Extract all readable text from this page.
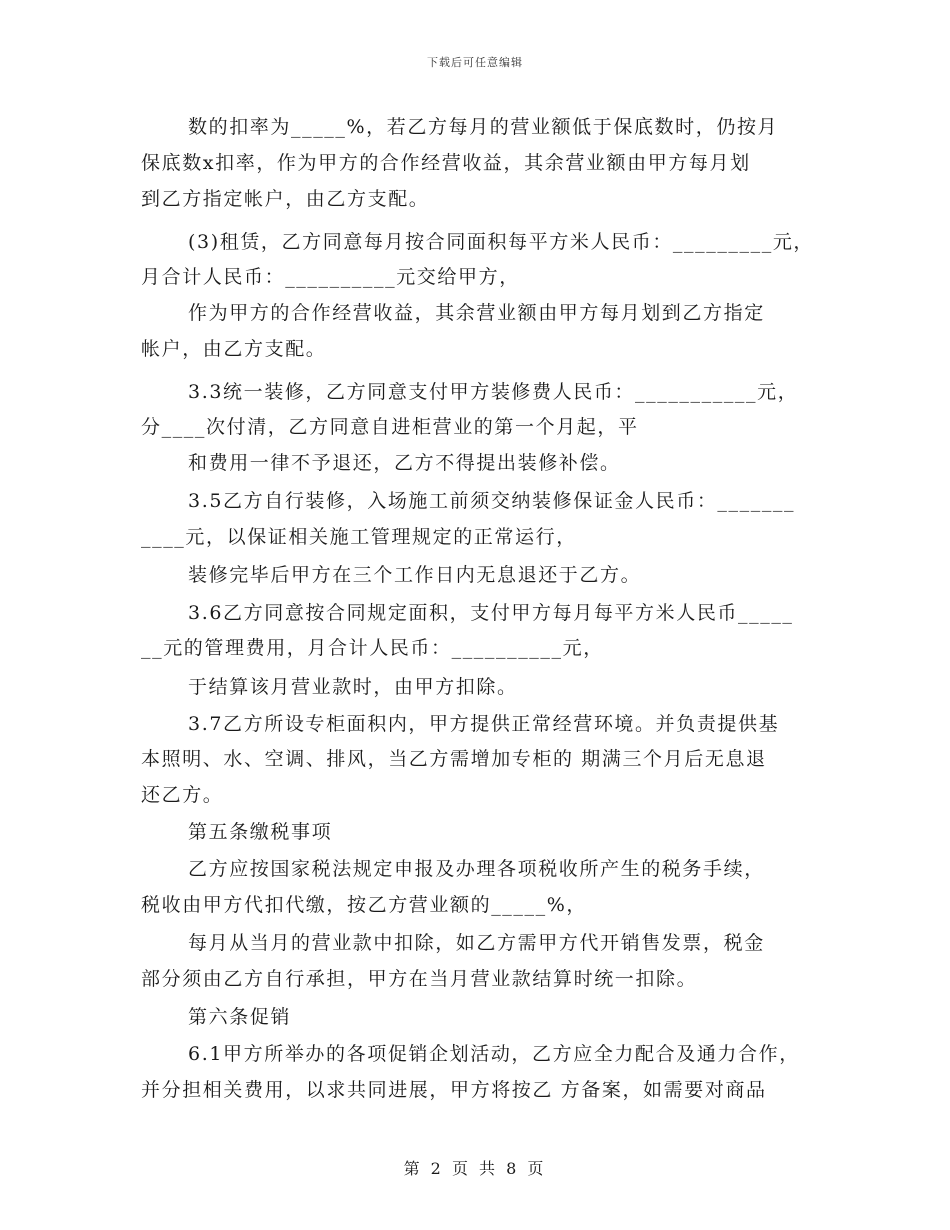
下载后可任意编辑
数的扣率为_____%，若乙方每月的营业额低于保底数时，仍按月
保底数x扣率，作为甲方的合作经营收益，其余营业额由甲方每月划
到乙方指定帐户，由乙方支配。
(3)租赁，乙方同意每月按合同面积每平方米人民币：_________元，
月合计人民币：__________元交给甲方，
作为甲方的合作经营收益，其余营业额由甲方每月划到乙方指定
帐户，由乙方支配。
3.3统一装修，乙方同意支付甲方装修费人民币：___________元，
分____次付清，乙方同意自进柜营业的第一个月起，平
和费用一律不予退还，乙方不得提出装修补偿。
3.5乙方自行装修，入场施工前须交纳装修保证金人民币：_______
____元，以保证相关施工管理规定的正常运行，
装修完毕后甲方在三个工作日内无息退还于乙方。
3.6乙方同意按合同规定面积，支付甲方每月每平方米人民币_____
__元的管理费用，月合计人民币：__________元，
于结算该月营业款时，由甲方扣除。
3.7乙方所设专柜面积内，甲方提供正常经营环境。并负责提供基
本照明、水、空调、排风，当乙方需增加专柜的 期满三个月后无息退
还乙方。
第五条缴税事项
乙方应按国家税法规定申报及办理各项税收所产生的税务手续，
税收由甲方代扣代缴，按乙方营业额的_____%，
每月从当月的营业款中扣除，如乙方需甲方代开销售发票，税金
部分须由乙方自行承担，甲方在当月营业款结算时统一扣除。
第六条促销
6.1甲方所举办的各项促销企划活动，乙方应全力配合及通力合作，
并分担相关费用，以求共同进展，甲方将按乙 方备案，如需要对商品
第 2 页 共 8 页
